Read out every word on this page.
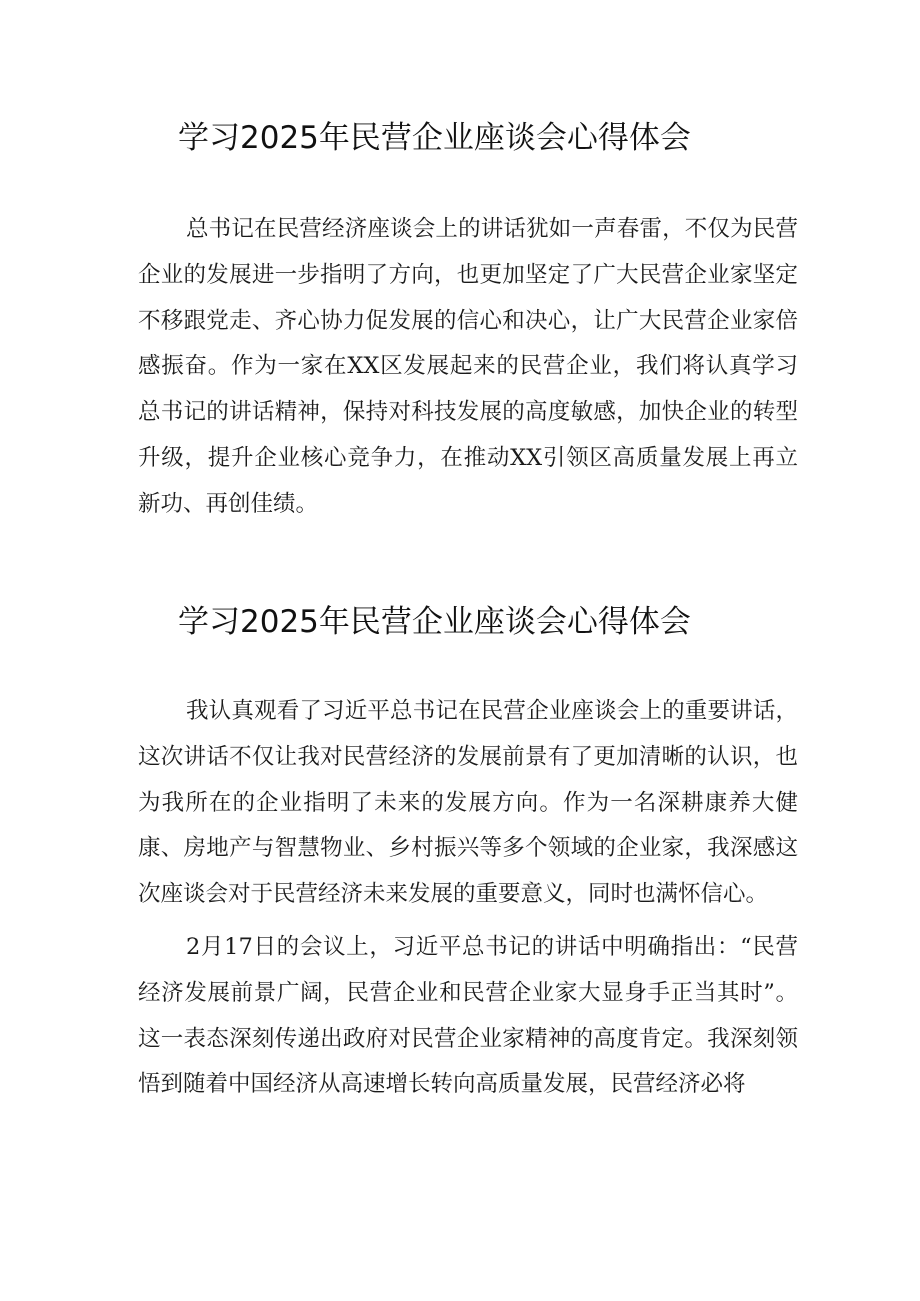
学习2025年民营企业座谈会心得体会

总书记在民营经济座谈会上的讲话犹如一声春雷，不仅为民营企业的发展进一步指明了方向，也更加坚定了广大民营企业家坚定不移跟党走、齐心协力促发展的信心和决心，让广大民营企业家倍感振奋。作为一家在XX区发展起来的民营企业，我们将认真学习总书记的讲话精神，保持对科技发展的高度敏感，加快企业的转型升级，提升企业核心竞争力，在推动XX引领区高质量发展上再立新功、再创佳绩。

学习2025年民营企业座谈会心得体会

我认真观看了习近平总书记在民营企业座谈会上的重要讲话，这次讲话不仅让我对民营经济的发展前景有了更加清晰的认识，也为我所在的企业指明了未来的发展方向。作为一名深耕康养大健康、房地产与智慧物业、乡村振兴等多个领域的企业家，我深感这次座谈会对于民营经济未来发展的重要意义，同时也满怀信心。

2月17日的会议上，习近平总书记的讲话中明确指出：“民营经济发展前景广阔，民营企业和民营企业家大显身手正当其时”。这一表态深刻传递出政府对民营企业家精神的高度肯定。我深刻领悟到随着中国经济从高速增长转向高质量发展，民营经济必将
